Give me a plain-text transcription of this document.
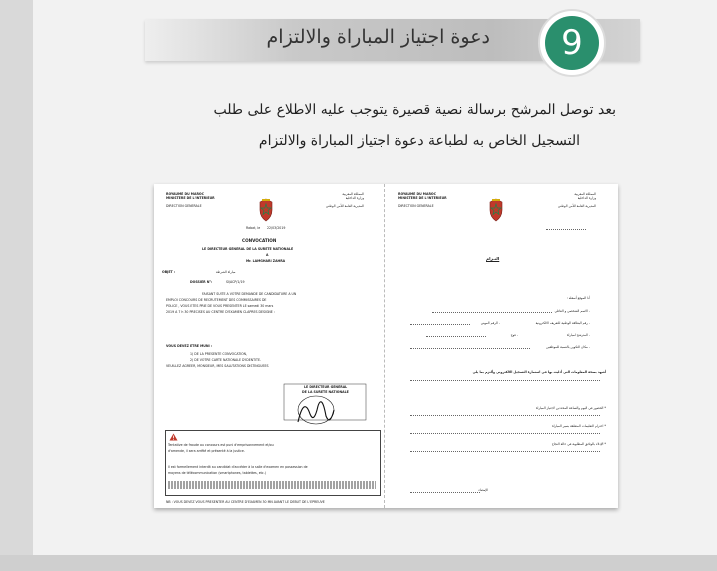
دعوة اجتياز المباراة والالتزام	9
بعد توصل المرشح برسالة نصية قصيرة يتوجب عليه الاطلاع على طلب
التسجيل الخاص به لطباعة دعوة اجتياز المباراة والالتزام
ROYAUME DU MAROC
MINISTERE DE L'INTERIEUR
DIRECTION GENERALE
المملكة المغربية
وزارة الداخلية
المديرية العامة للأمن الوطني
Rabat, le 22/03/2019
CONVOCATION
LE DIRECTEUR GENERAL DE LA SURETE NATIONALE
A
Mr. LAMGHARI ZAHRA
OBJET :	مباراة الشرطة
DOSSIER N°:	SI/ACP/1/19
FAISANT SUITE A VOTRE DEMANDE DE CANDIDATURE A UN
EMPLOI CONCOURS DE RECRUTEMENT DES COMMISSAIRES DE
POLICE , VOUS ETES PRIE DE VOUS PRESENTER LE samedi 30 mars
2019 A 7 h 30 PRECISES AU CENTRE D'EXAMEN CLAPRES DESIGNE :
VOUS DEVEZ ETRE MUNI :
1) DE LA PRESENTE CONVOCATION,
2) DE VOTRE CARTE NATIONALE D'IDENTITE.
VEUILLEZ AGREER, MONSIEUR, MES SALUTATIONS DISTINGUEES
LE DIRECTEUR GENERAL
DE LA SURETE NATIONALE
Tentative de fraude ou concours est puni d'emprisonnement et/ou
d'amende, il sera arrêté et présenté à la justice.
Il est formellement interdit au candidat d'accéder à la salle d'examen en possession de
moyens de télécommunication (smartphones, tablettes, etc.)
NB : VOUS DEVEZ VOUS PRESENTER AU CENTRE D'EXAMEN 30 MN AVANT LE DEBUT DE L'EPREUVE
ROYAUME DU MAROC
MINISTERE DE L'INTERIEUR
DIRECTION GENERALE
المملكة المغربية
وزارة الداخلية
المديرية العامة للأمن الوطني
التـزام
أنا الموقع أسفله :
- الاسم الشخصي و العائلي
- رقم البطاقة الوطنية للتعريف الالكترونية
- الرقم المهني
- المترشح لمباراة
- فوج
- مكان التكوين بالنسبة للموظفين
أشهد بصحة المعلومات التي أدليت بها في استمارة التسجيل الالكتروني وألتزم بما يلي
* الحضور في اليوم والساعة المحددين لاجتياز المباراة
* احترام التعليمات المتعلقة بسير المباراة
* الإدلاء بالوثائق المطلوبة في حالة النجاح
الإمضاء
